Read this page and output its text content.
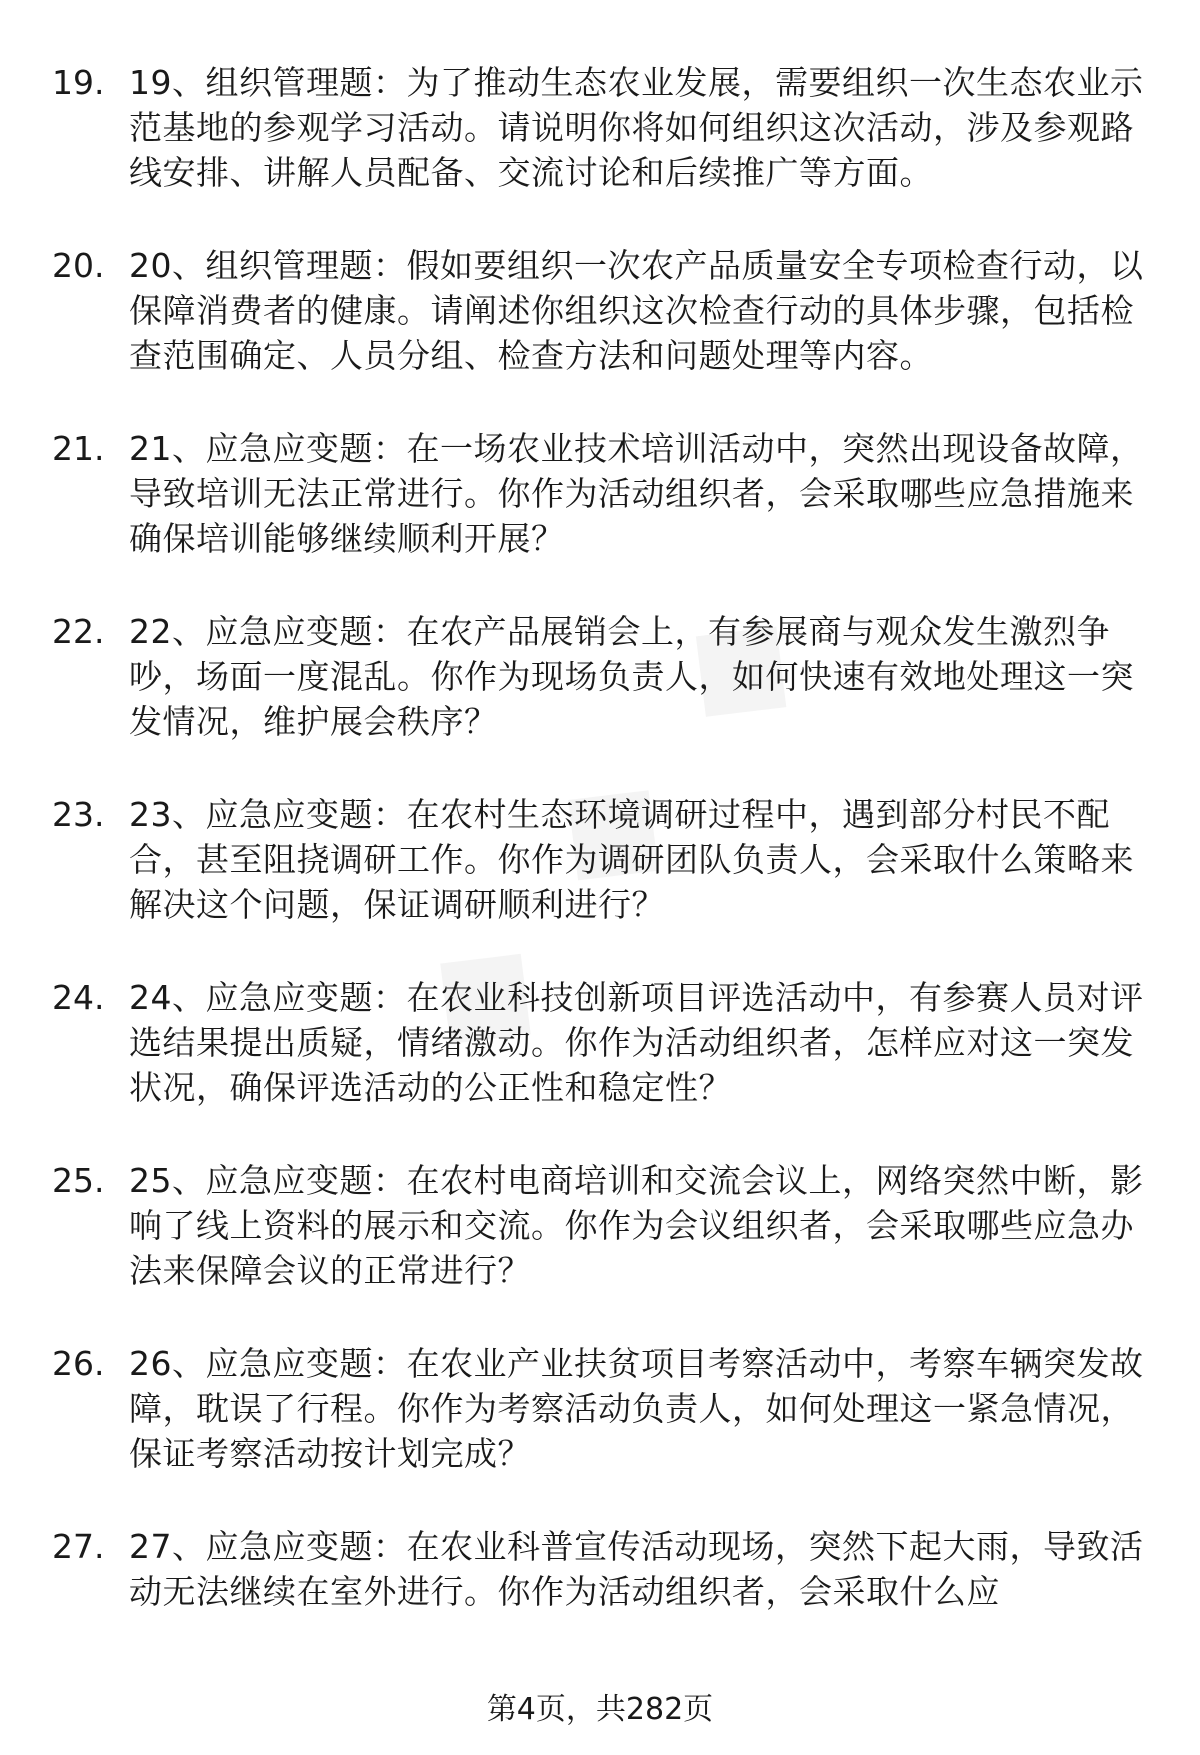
19. 19、组织管理题：为了推动生态农业发展，需要组织一次生态农业示范基地的参观学习活动。请说明你将如何组织这次活动，涉及参观路线安排、讲解人员配备、交流讨论和后续推广等方面。
20. 20、组织管理题：假如要组织一次农产品质量安全专项检查行动，以保障消费者的健康。请阐述你组织这次检查行动的具体步骤，包括检查范围确定、人员分组、检查方法和问题处理等内容。
21. 21、应急应变题：在一场农业技术培训活动中，突然出现设备故障，导致培训无法正常进行。你作为活动组织者，会采取哪些应急措施来确保培训能够继续顺利开展？
22. 22、应急应变题：在农产品展销会上，有参展商与观众发生激烈争吵，场面一度混乱。你作为现场负责人，如何快速有效地处理这一突发情况，维护展会秩序？
23. 23、应急应变题：在农村生态环境调研过程中，遇到部分村民不配合，甚至阻挠调研工作。你作为调研团队负责人，会采取什么策略来解决这个问题，保证调研顺利进行？
24. 24、应急应变题：在农业科技创新项目评选活动中，有参赛人员对评选结果提出质疑，情绪激动。你作为活动组织者，怎样应对这一突发状况，确保评选活动的公正性和稳定性？
25. 25、应急应变题：在农村电商培训和交流会议上，网络突然中断，影响了线上资料的展示和交流。你作为会议组织者，会采取哪些应急办法来保障会议的正常进行？
26. 26、应急应变题：在农业产业扶贫项目考察活动中，考察车辆突发故障，耽误了行程。你作为考察活动负责人，如何处理这一紧急情况，保证考察活动按计划完成？
27. 27、应急应变题：在农业科普宣传活动现场，突然下起大雨，导致活动无法继续在室外进行。你作为活动组织者，会采取什么应
第4页，共282页
